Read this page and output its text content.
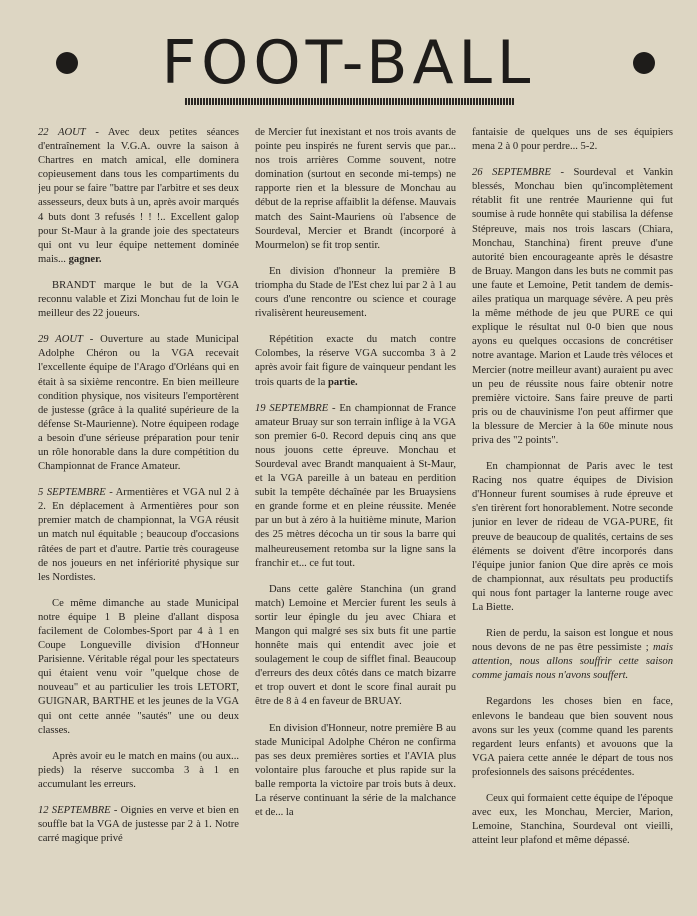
FOOT-BALL

22 AOUT - Avec deux petites séances d'entraînement la V.G.A. ouvre la saison à Chartres en match amical, elle dominera copieusement dans tous les compartiments du jeu pour se faire "battre par l'arbitre et ses deux assesseurs, deux buts à un, après avoir marqués 4 buts dont 3 refusés ! ! !.. Excellent galop pour St-Maur à la grande joie des spectateurs qui ont vu leur équipe nettement dominée mais... gagner.

BRANDT marque le but de la VGA reconnu valable et Zizi Monchau fut de loin le meilleur des 22 joueurs.

29 AOUT - Ouverture au stade Municipal Adolphe Chéron ou la VGA recevait l'excellente équipe de l'Arago d'Orléans qui en était à sa sixième rencontre. En bien meilleure condition physique, nos visiteurs l'emportèrent de justesse (grâce à la qualité supérieure de la défense St-Maurienne). Notre équipeen rodage a besoin d'une sérieuse préparation pour tenir un rôle honorable dans la dure compétition du Championnat de France Amateur.

5 SEPTEMBRE - Armentières et VGA nul 2 à 2. En déplacement à Armentières pour son premier match de championnat, la VGA réusit un match nul équitable ; beaucoup d'occasions râtées de part et d'autre. Partie très courageuse de nos joueurs en net infériorité physique sur les Nordistes.

Ce même dimanche au stade Municipal notre équipe 1 B pleine d'allant disposa facilement de Colombes-Sport par 4 à 1 en Coupe Longueville division d'Honneur Parisienne. Véritable régal pour les spectateurs qui étaient venu voir "quelque chose de nouveau" et au particulier les trois LETORT, GUIGNAR, BARTHE et les jeunes de la VGA qui ont cette année "sautés" une ou deux classes.

Après avoir eu le match en mains (ou aux... pieds) la réserve succomba 3 à 1 en accumulant les erreurs.

12 SEPTEMBRE - Oignies en verve et bien en souffle bat la VGA de justesse par 2 à 1. Notre carré magique privé

de Mercier fut inexistant et nos trois avants de pointe peu inspirés ne furent servis que par... nos trois arrières Comme souvent, notre domination (surtout en seconde mi-temps) ne rapporte rien et la blessure de Monchau au début de la reprise affaiblit la défense. Mauvais match des Saint-Mauriens où l'absence de Sourdeval, Mercier et Brandt (incorporé à Mourmelon) se fit trop sentir.

En division d'honneur la première B triompha du Stade de l'Est chez lui par 2 à 1 au cours d'une rencontre ou science et courage rivalisèrent heureusement.

Répétition exacte du match contre Colombes, la réserve VGA succomba 3 à 2 après avoir fait figure de vainqueur pendant les trois quarts de la partie.

19 SEPTEMBRE - En championnat de France amateur Bruay sur son terrain inflige à la VGA son premier 6-0. Record depuis cinq ans que nous jouons cette épreuve. Monchau et Sourdeval avec Brandt manquaient à St-Maur, et la VGA pareille à un bateau en perdition subit la tempête déchaînée par les Bruaysiens en grande forme et en pleine réussite. Menée par un but à zéro à la huitième minute, Marion des 25 mètres décocha un tir sous la barre qui malheureusement retomba sur la ligne sans la franchir et... ce fut tout.

Dans cette galère Stanchina (un grand match) Lemoine et Mercier furent les seuls à sortir leur épingle du jeu avec Chiara et Mangon qui malgré ses six buts fit une partie honnête mais qui entendit avec joie et soulagement le coup de sifflet final. Beaucoup d'erreurs des deux côtés dans ce match bizarre et trop ouvert et dont le score final aurait pu être de 8 à 4 en faveur de BRUAY.

En division d'Honneur, notre première B au stade Municipal Adolphe Chéron ne confirma pas ses deux premières sorties et l'AVIA plus volontaire plus farouche et plus rapide sur la balle remporta la victoire par trois buts à deux. La réserve continuant la série de la malchance et de... la

fantaisie de quelques uns de ses équipiers mena 2 à 0 pour perdre... 5-2.

26 SEPTEMBRE - Sourdeval et Vankin blessés, Monchau bien qu'incomplètement rétablit fit une rentrée Maurienne qui fut soumise à rude honnête qui stabilisa la défense Stépreuve, mais nos trois lascars (Chiara, Monchau, Stanchina) firent preuve d'une autorité bien encourageante après le désastre de Bruay. Mangon dans les buts ne commit pas une faute et Lemoine, Petit tandem de demis-ailes pratiqua un marquage sévère. A peu près la même méthode de jeu que PURE ce qui explique le résultat nul 0-0 bien que nous ayons eu quelques occasions de concrétiser notre avantage. Marion et Laude très véloces et Mercier (notre meilleur avant) auraient pu avec un peu de réussite nous faire obtenir notre première victoire. Sans faire preuve de parti pris ou de chauvinisme l'on peut affirmer que la blessure de Mercier à la 60e minute nous priva des "2 points".

En championnat de Paris avec le test Racing nos quatre équipes de Division d'Honneur furent soumises à rude épreuve et s'en tirèrent fort honorablement. Notre seconde junior en lever de rideau de VGA-PURE, fit preuve de beaucoup de qualités, certains de ses éléments se doivent d'être incorporés dans l'équipe junior fanion Que dire après ce mois de championnat, aux résultats peu productifs qui nous font partager la lanterne rouge avec La Biette.

Rien de perdu, la saison est longue et nous nous devons de ne pas être pessimiste ; mais attention, nous allons souffrir cette saison comme jamais nous n'avons souffert.

Regardons les choses bien en face, enlevons le bandeau que bien souvent nous avons sur les yeux (comme quand les parents regardent leurs enfants) et avouons que la VGA paiera cette année le départ de tous nos profesionnels des saisons précédentes.

Ceux qui formaient cette équipe de l'époque avec eux, les Monchau, Mercier, Marion, Lemoine, Stanchina, Sourdeval ont vieilli, atteint leur plafond et même dépassé.
